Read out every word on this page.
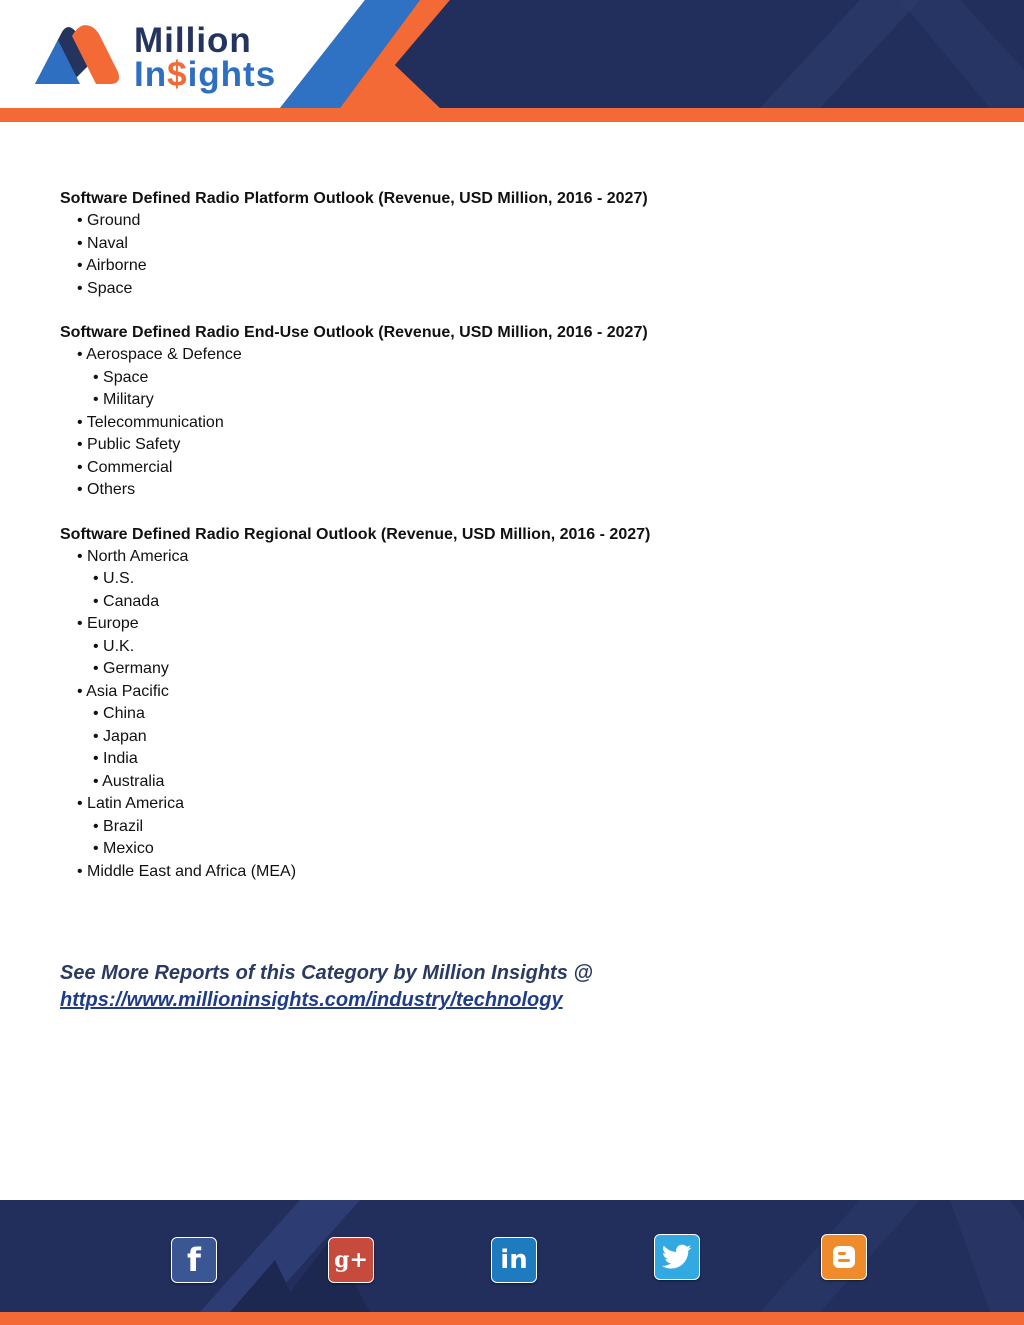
Million
In$ights
Software Defined Radio Platform Outlook (Revenue, USD Million, 2016 - 2027)
• Ground
• Naval
• Airborne
• Space
Software Defined Radio End-Use Outlook (Revenue, USD Million, 2016 - 2027)
• Aerospace & Defence
• Space
• Military
• Telecommunication
• Public Safety
• Commercial
• Others
Software Defined Radio Regional Outlook (Revenue, USD Million, 2016 - 2027)
• North America
• U.S.
• Canada
• Europe
• U.K.
• Germany
• Asia Pacific
• China
• Japan
• India
• Australia
• Latin America
• Brazil
• Mexico
• Middle East and Africa (MEA)
See More Reports of this Category by Million Insights @
https://www.millioninsights.com/industry/technology
f	g+	in
